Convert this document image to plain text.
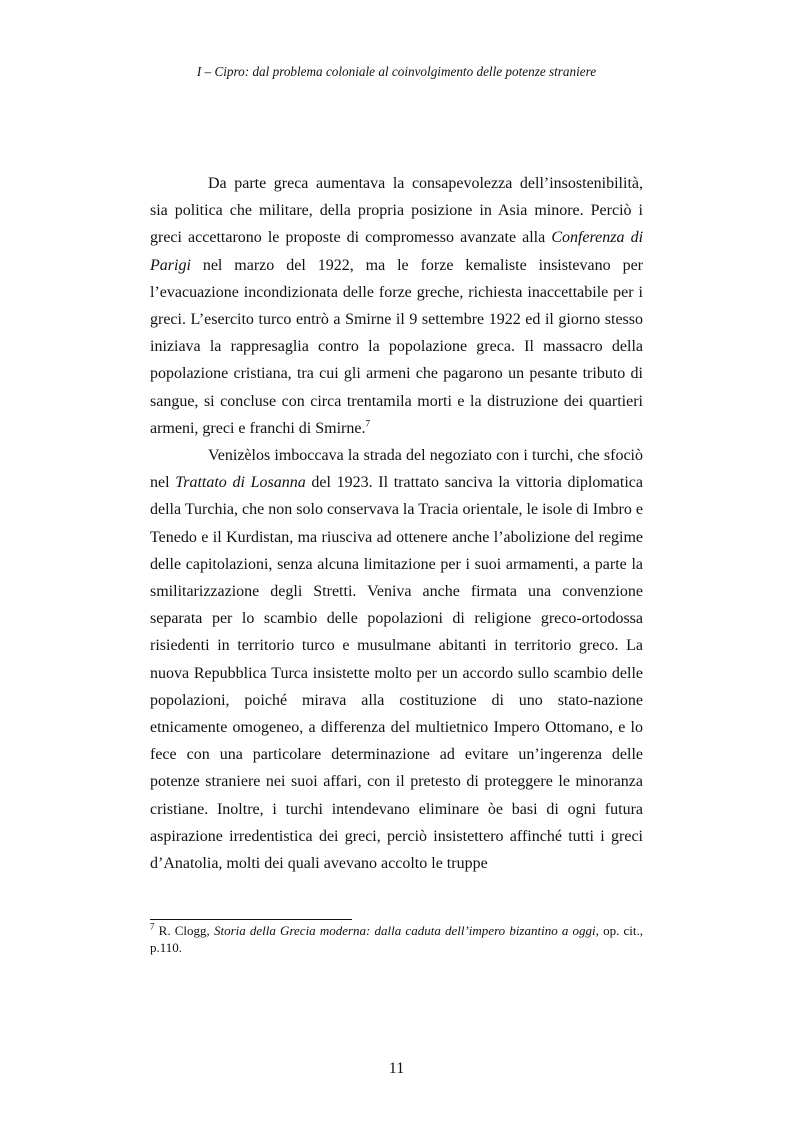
I – Cipro: dal problema coloniale al coinvolgimento delle potenze straniere

Da parte greca aumentava la consapevolezza dell’insostenibilità, sia politica che militare, della propria posizione in Asia minore. Perciò i greci accettarono le proposte di compromesso avanzate alla Conferenza di Parigi nel marzo del 1922, ma le forze kemaliste insistevano per l’evacuazione incondizionata delle forze greche, richiesta inaccettabile per i greci. L’esercito turco entrò a Smirne il 9 settembre 1922 ed il giorno stesso iniziava la rappresaglia contro la popolazione greca. Il massacro della popolazione cristiana, tra cui gli armeni che pagarono un pesante tributo di sangue, si concluse con circa trentamila morti e la distruzione dei quartieri armeni, greci e franchi di Smirne.$^7$

Venizèlos imboccava la strada del negoziato con i turchi, che sfociò nel Trattato di Losanna del 1923. Il trattato sanciva la vittoria diplomatica della Turchia, che non solo conservava la Tracia orientale, le isole di Imbro e Tenedo e il Kurdistan, ma riusciva ad ottenere anche l’abolizione del regime delle capitolazioni, senza alcuna limitazione per i suoi armamenti, a parte la smilitarizzazione degli Stretti. Veniva anche firmata una convenzione separata per lo scambio delle popolazioni di religione greco-ortodossa risiedenti in territorio turco e musulmane abitanti in territorio greco. La nuova Repubblica Turca insistette molto per un accordo sullo scambio delle popolazioni, poiché mirava alla costituzione di uno stato-nazione etnicamente omogeneo, a differenza del multietnico Impero Ottomano, e lo fece con una particolare determinazione ad evitare un’ingerenza delle potenze straniere nei suoi affari, con il pretesto di proteggere le minoranza cristiane. Inoltre, i turchi intendevano eliminare òe basi di ogni futura aspirazione irredentistica dei greci, perciò insistettero affinché tutti i greci d’Anatolia, molti dei quali avevano accolto le truppe

$^7$ R. Clogg, Storia della Grecia moderna: dalla caduta dell’impero bizantino a oggi, op. cit., p.110.
11
